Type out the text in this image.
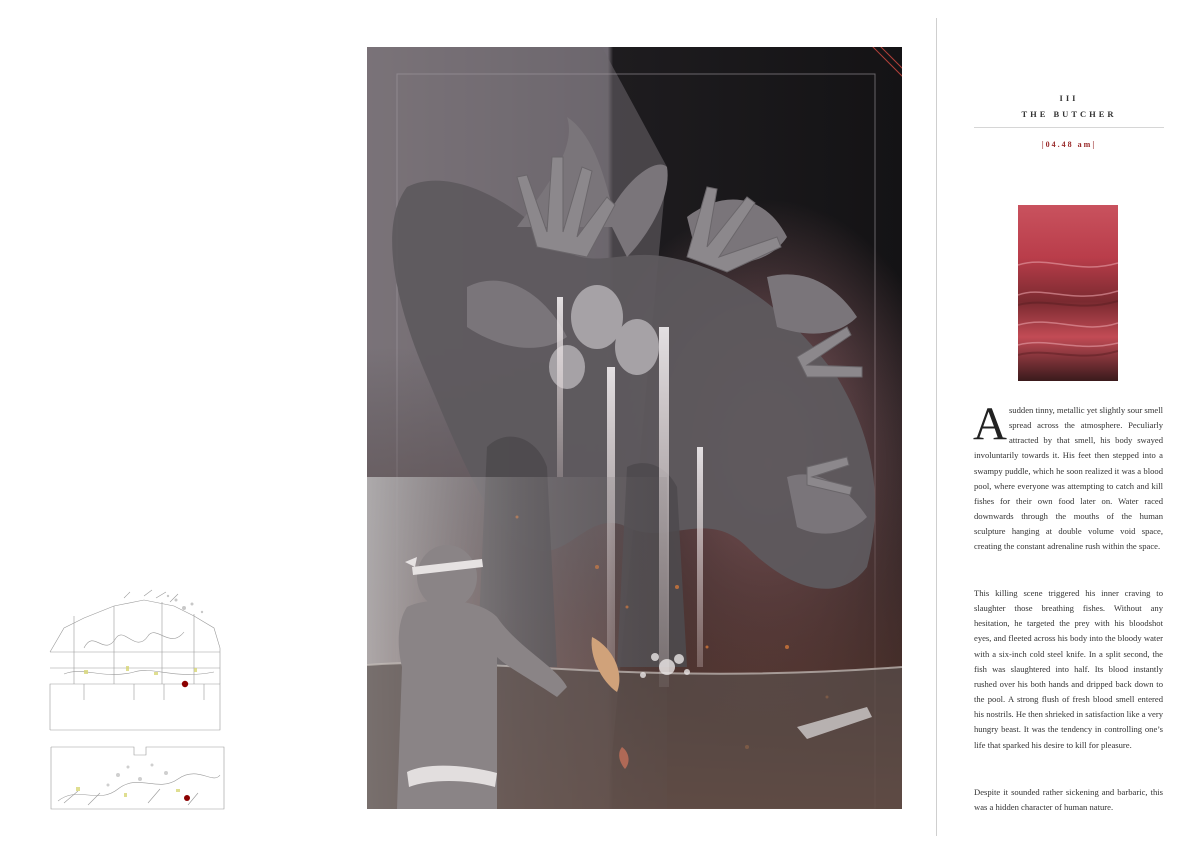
III
THE BUTCHER
|04.48 am|
Asudden tinny, metallic yet slightly sour smell spread across the atmosphere. Peculiarly attracted by that smell, his body swayed involuntarily towards it. His feet then stepped into a swampy puddle, which he soon realized it was a blood pool, where everyone was attempting to catch and kill fishes for their own food later on. Water raced downwards through the mouths of the human sculpture hanging at double volume void space, creating the constant adrenaline rush within the space.
This killing scene triggered his inner craving to slaughter those breathing fishes. Without any hesitation, he targeted the prey with his bloodshot eyes, and fleeted across his body into the bloody water with a six-inch cold steel knife. In a split second, the fish was slaughtered into half. Its blood instantly rushed over his both hands and dripped back down to the pool. A strong flush of fresh blood smell entered his nostrils. He then shrieked in satisfaction like a very hungry beast. It was the tendency in controlling one’s life that sparked his desire to kill for pleasure.
Despite it sounded rather sickening and barbaric, this was a hidden character of human nature.
